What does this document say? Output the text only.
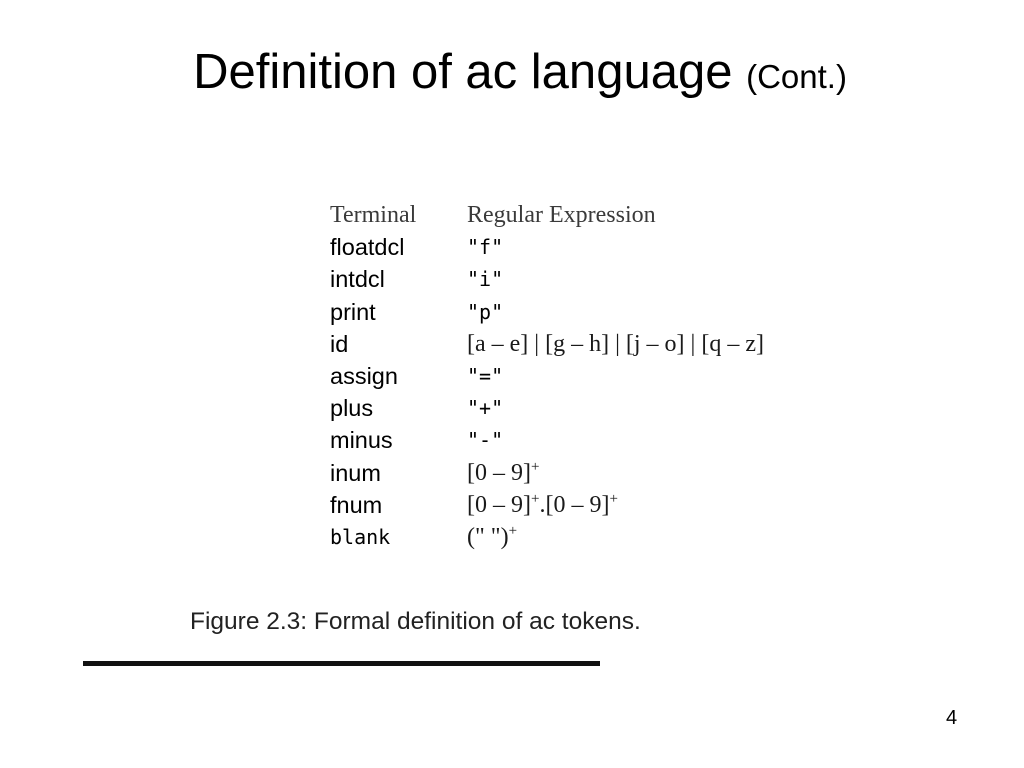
Definition of ac language (Cont.)
Terminal Regular Expression
floatdcl	"f"
intdcl	"i"
print	"p"
id	[a – e] | [g – h] | [j – o] | [q – z]
assign	"="
plus	"+"
minus	"-"
inum	[0 – 9]+
fnum	[0 – 9]+.[0 – 9]+
blank	(" ")+
Figure 2.3: Formal definition of ac tokens.
4
